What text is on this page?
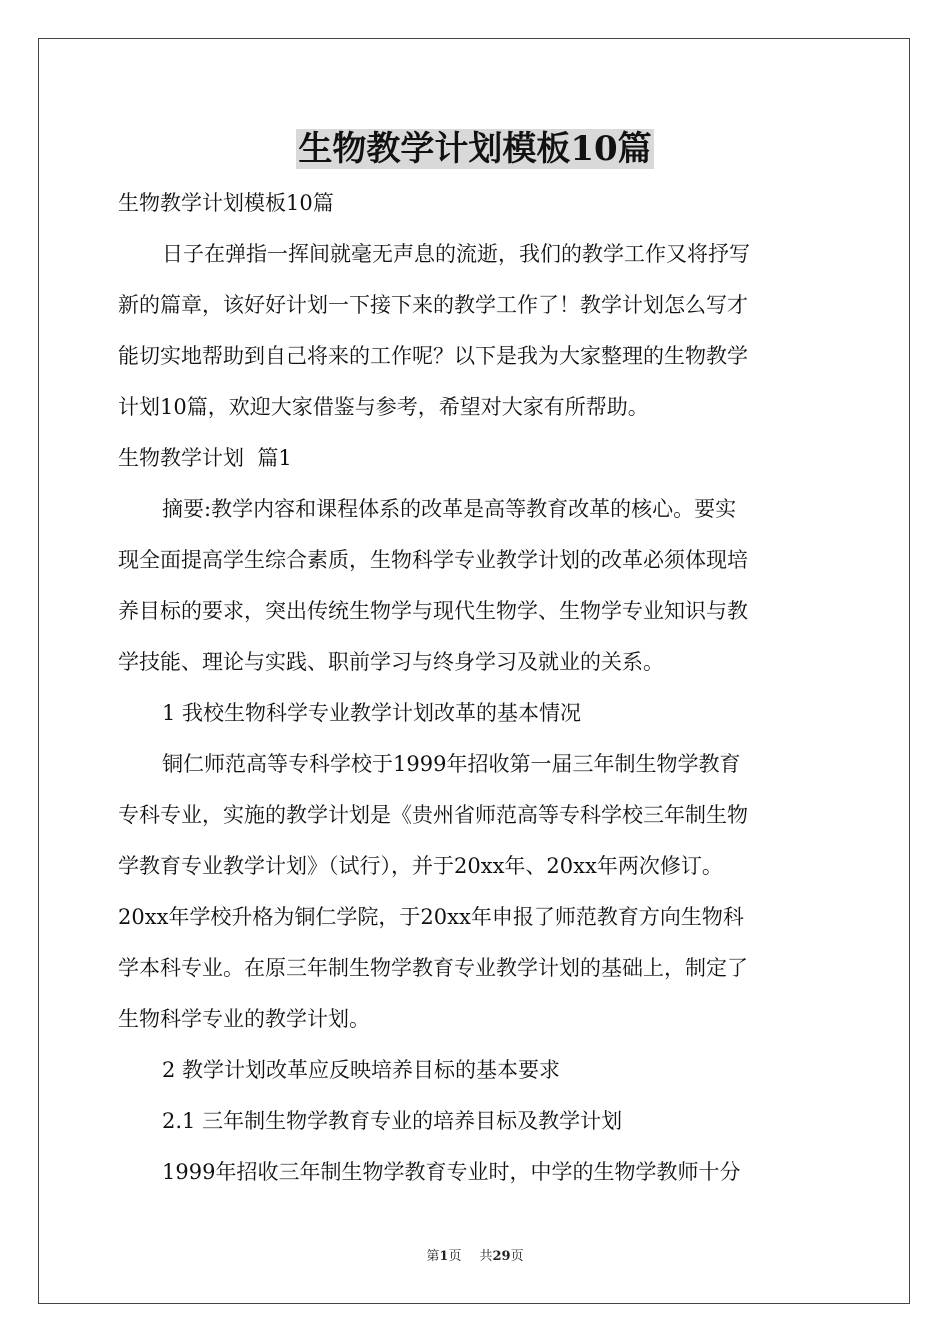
生物教学计划模板10篇
生物教学计划模板10篇
日子在弹指一挥间就毫无声息的流逝，我们的教学工作又将抒写
新的篇章，该好好计划一下接下来的教学工作了！教学计划怎么写才
能切实地帮助到自己将来的工作呢？以下是我为大家整理的生物教学
计划10篇，欢迎大家借鉴与参考，希望对大家有所帮助。
生物教学计划  篇1
摘要:教学内容和课程体系的改革是高等教育改革的核心。要实
现全面提高学生综合素质，生物科学专业教学计划的改革必须体现培
养目标的要求，突出传统生物学与现代生物学、生物学专业知识与教
学技能、理论与实践、职前学习与终身学习及就业的关系。
1 我校生物科学专业教学计划改革的基本情况
铜仁师范高等专科学校于1999年招收第一届三年制生物学教育
专科专业，实施的教学计划是《贵州省师范高等专科学校三年制生物
学教育专业教学计划》（试行），并于20xx年、20xx年两次修订。
20xx年学校升格为铜仁学院，于20xx年申报了师范教育方向生物科
学本科专业。在原三年制生物学教育专业教学计划的基础上，制定了
生物科学专业的教学计划。
2 教学计划改革应反映培养目标的基本要求
2.1 三年制生物学教育专业的培养目标及教学计划
1999年招收三年制生物学教育专业时，中学的生物学教师十分
第1页 共29页
